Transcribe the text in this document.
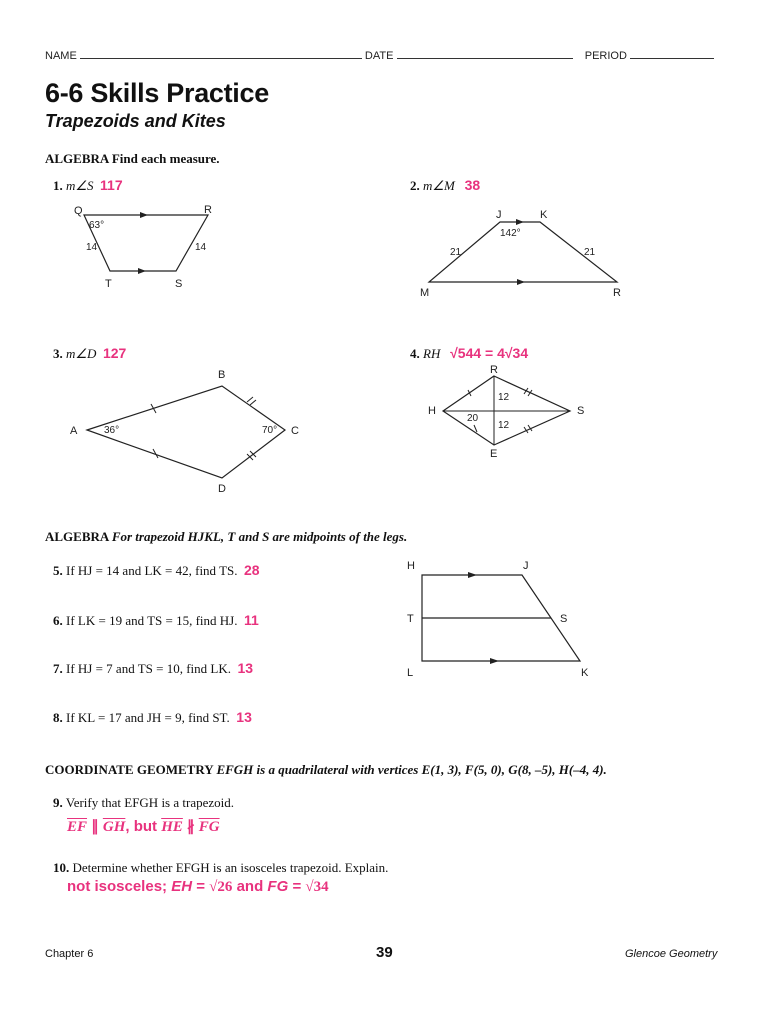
NAME	DATE	PERIOD
6-6 Skills Practice
Trapezoids and Kites
ALGEBRA Find each measure.
1. m∠S 117
Q	R
T	S
63°
14	14
2. m∠M 38
J	K
M	R
142°
21	21
3. m∠D 127
A
B
C
D
36°	70°
4. RH √544 = 4√34
R
H	S
E
12
20
12
ALGEBRA For trapezoid HJKL, T and S are midpoints of the legs.
5. If HJ = 14 and LK = 42, find TS. 28
6. If LK = 19 and TS = 15, find HJ. 11
7. If HJ = 7 and TS = 10, find LK. 13
8. If KL = 17 and JH = 9, find ST. 13
H	J
T	S
L	K
COORDINATE GEOMETRY EFGH is a quadrilateral with vertices E(1, 3), F(5, 0), G(8, –5), H(–4, 4).
9. Verify that EFGH is a trapezoid.
$\overline{EF}$ ∥ $\overline{GH}$, but $\overline{HE}$ ∦ $\overline{FG}$
10. Determine whether EFGH is an isosceles trapezoid. Explain.
not isosceles; EH = √26 and FG = √34
Chapter 6	39	Glencoe Geometry
